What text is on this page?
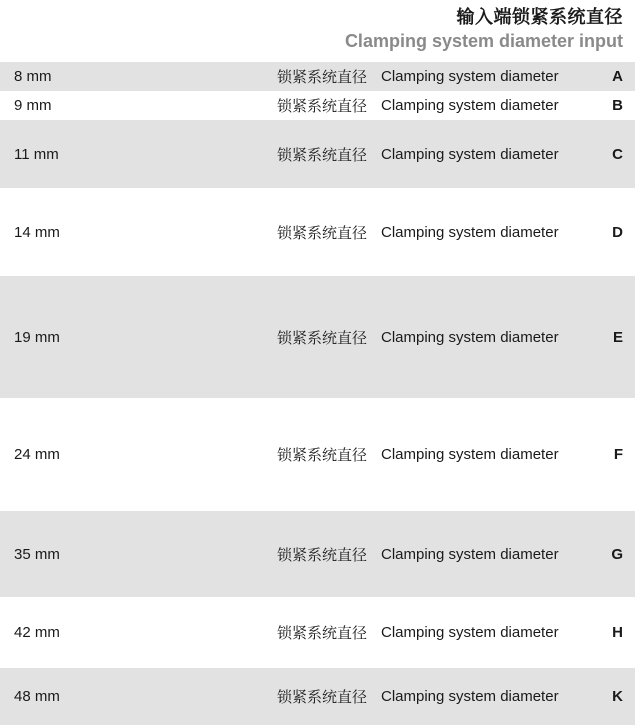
输入端锁紧系统直径
Clamping system diameter input
8 mm		锁紧系统直径	Clamping system diameter	A
9 mm		锁紧系统直径	Clamping system diameter	B
11 mm		锁紧系统直径	Clamping system diameter	C
14 mm		锁紧系统直径	Clamping system diameter	D
19 mm		锁紧系统直径	Clamping system diameter	E
24 mm		锁紧系统直径	Clamping system diameter	F
35 mm		锁紧系统直径	Clamping system diameter	G
42 mm		锁紧系统直径	Clamping system diameter	H
48 mm		锁紧系统直径	Clamping system diameter	K
